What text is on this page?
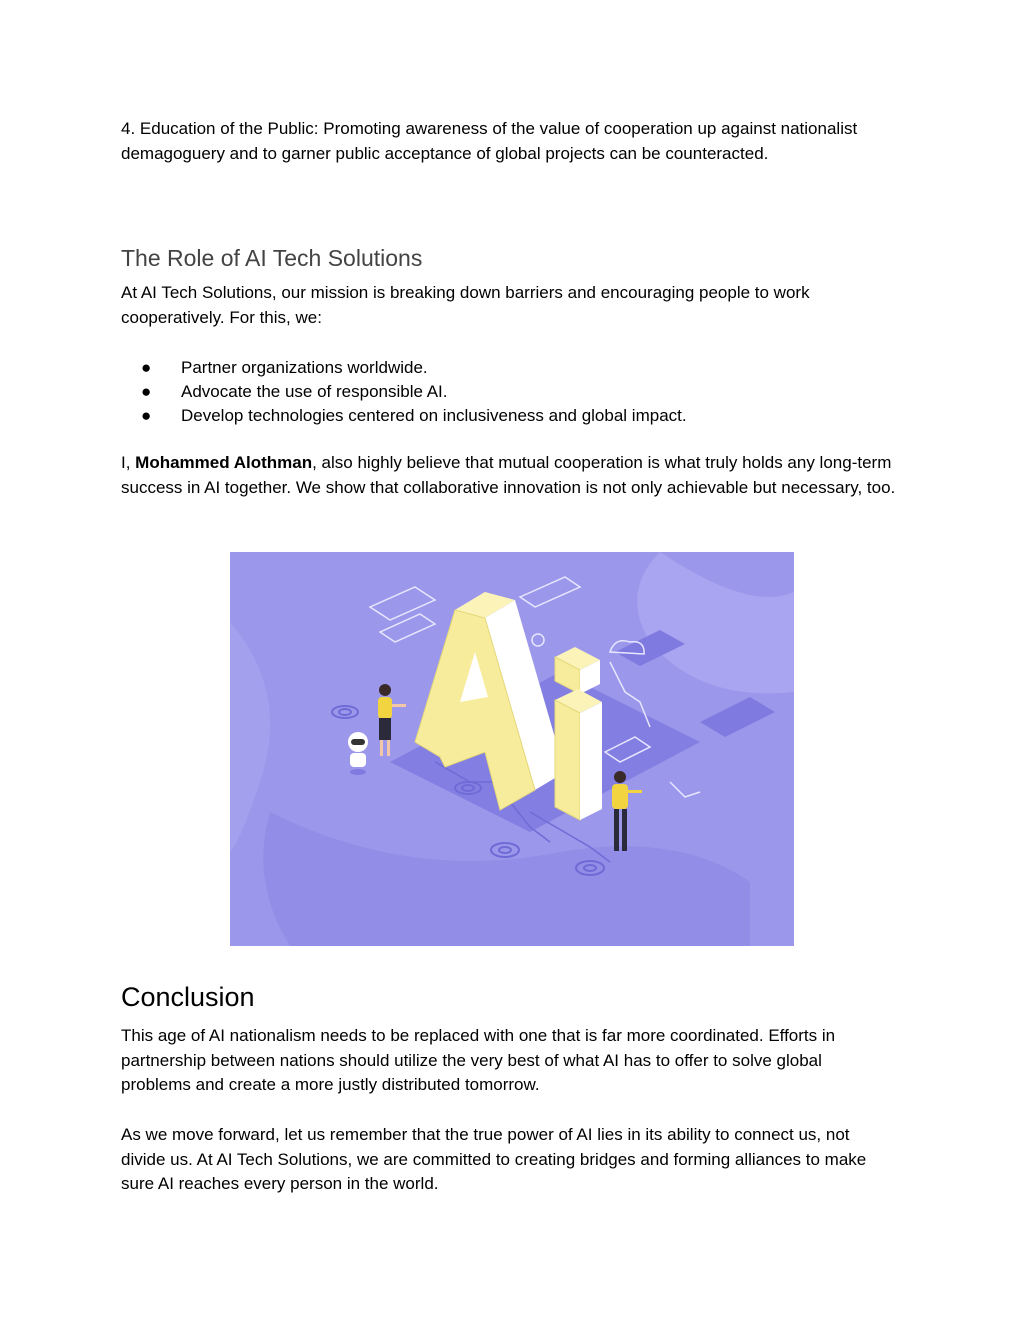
4. Education of the Public: Promoting awareness of the value of cooperation up against nationalist demagoguery and to garner public acceptance of global projects can be counteracted.

The Role of AI Tech Solutions

At AI Tech Solutions, our mission is breaking down barriers and encouraging people to work cooperatively. For this, we:

● Partner organizations worldwide.
● Advocate the use of responsible AI.
● Develop technologies centered on inclusiveness and global impact.

I, Mohammed Alothman, also highly believe that mutual cooperation is what truly holds any long-term success in AI together. We show that collaborative innovation is not only achievable but necessary, too.

Conclusion

This age of AI nationalism needs to be replaced with one that is far more coordinated. Efforts in partnership between nations should utilize the very best of what AI has to offer to solve global problems and create a more justly distributed tomorrow.

As we move forward, let us remember that the true power of AI lies in its ability to connect us, not divide us. At AI Tech Solutions, we are committed to creating bridges and forming alliances to make sure AI reaches every person in the world.
